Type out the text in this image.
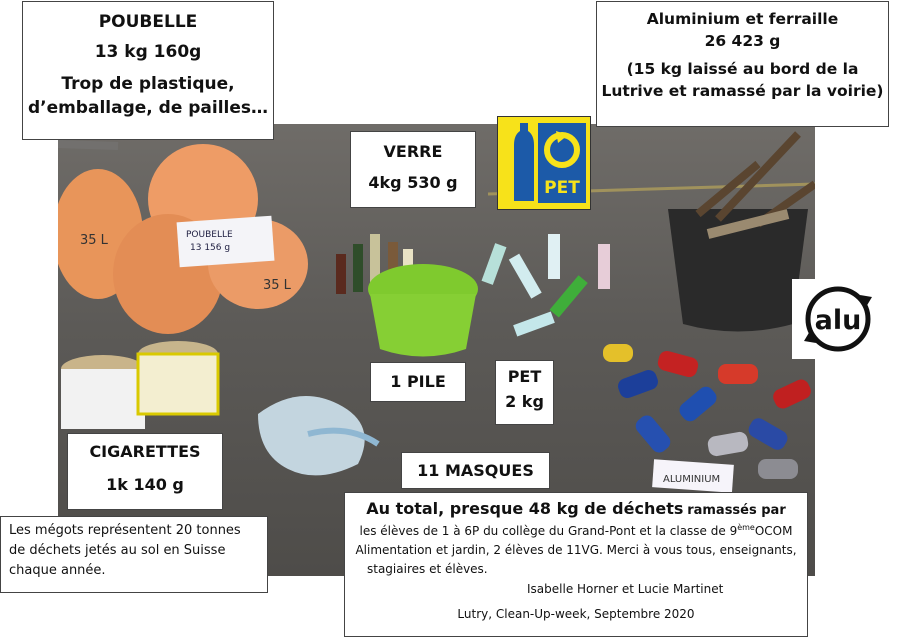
35 L
35 L
POUBELLE
13 156 g
ALUMINIUM
POUBELLE
13 kg 160g
Trop de plastique,
d’emballage, de pailles…
Aluminium et ferraille
26 423 g
(15 kg laissé au bord de la
Lutrive et ramassé par la voirie)
VERRE
4kg 530 g	PET
alu
1 PILE	PET
2 kg
CIGARETTES
1k 140 g
Les mégots représentent 20 tonnes
de déchets jetés au sol en Suisse
chaque année.
11 MASQUES
Au total, presque 48 kg de déchets ramassés par
les élèves de 1 à 6P du collège du Grand-Pont et la classe de 9èmeOCOM
Alimentation et jardin, 2 élèves de 11VG. Merci à vous tous, enseignants,
stagiaires et élèves.
Isabelle Horner et Lucie Martinet
Lutry, Clean-Up-week, Septembre 2020
